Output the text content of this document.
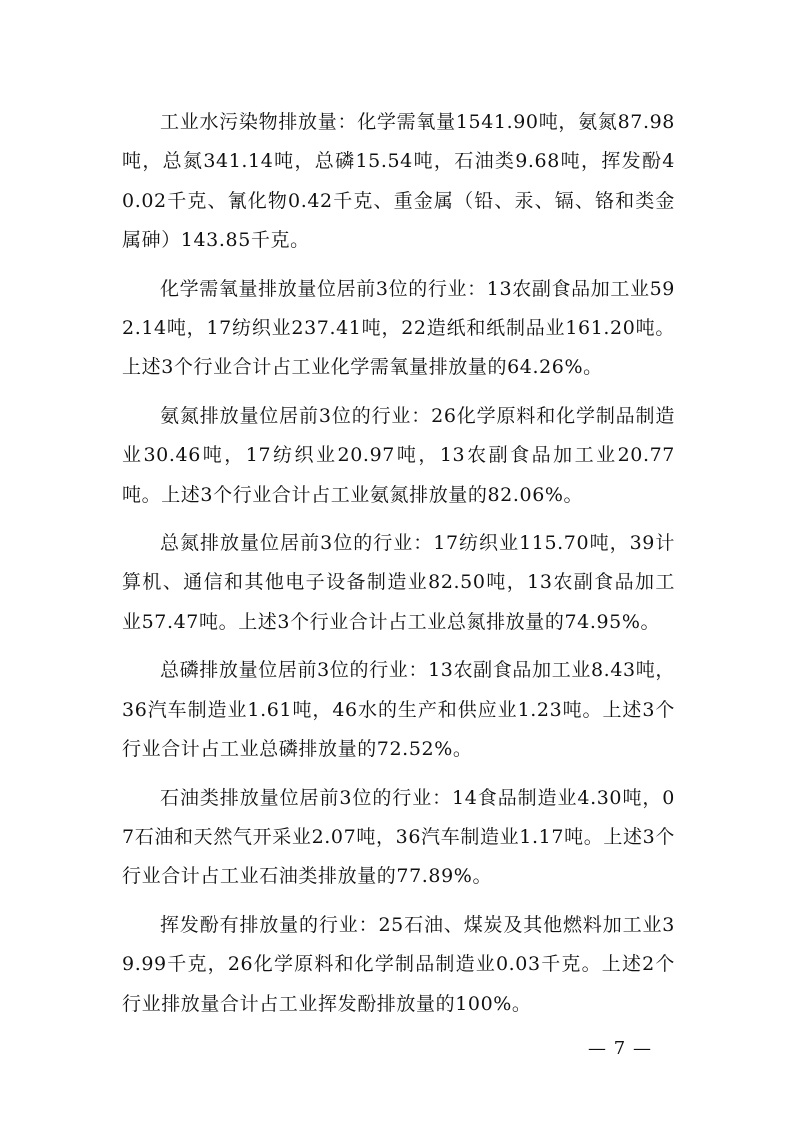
工业水污染物排放量：化学需氧量1541.90吨，氨氮87.98吨，总氮341.14吨，总磷15.54吨，石油类9.68吨，挥发酚40.02千克、氰化物0.42千克、重金属（铅、汞、镉、铬和类金属砷）143.85千克。

化学需氧量排放量位居前3位的行业：13农副食品加工业592.14吨，17纺织业237.41吨，22造纸和纸制品业161.20吨。上述3个行业合计占工业化学需氧量排放量的64.26%。

氨氮排放量位居前3位的行业：26化学原料和化学制品制造业30.46吨，17纺织业20.97吨，13农副食品加工业20.77吨。上述3个行业合计占工业氨氮排放量的82.06%。

总氮排放量位居前3位的行业：17纺织业115.70吨，39计算机、通信和其他电子设备制造业82.50吨，13农副食品加工业57.47吨。上述3个行业合计占工业总氮排放量的74.95%。

总磷排放量位居前3位的行业：13农副食品加工业8.43吨，36汽车制造业1.61吨，46水的生产和供应业1.23吨。上述3个行业合计占工业总磷排放量的72.52%。

石油类排放量位居前3位的行业：14食品制造业4.30吨，07石油和天然气开采业2.07吨，36汽车制造业1.17吨。上述3个行业合计占工业石油类排放量的77.89%。

挥发酚有排放量的行业：25石油、煤炭及其他燃料加工业39.99千克，26化学原料和化学制品制造业0.03千克。上述2个行业排放量合计占工业挥发酚排放量的100%。

— 7 —
